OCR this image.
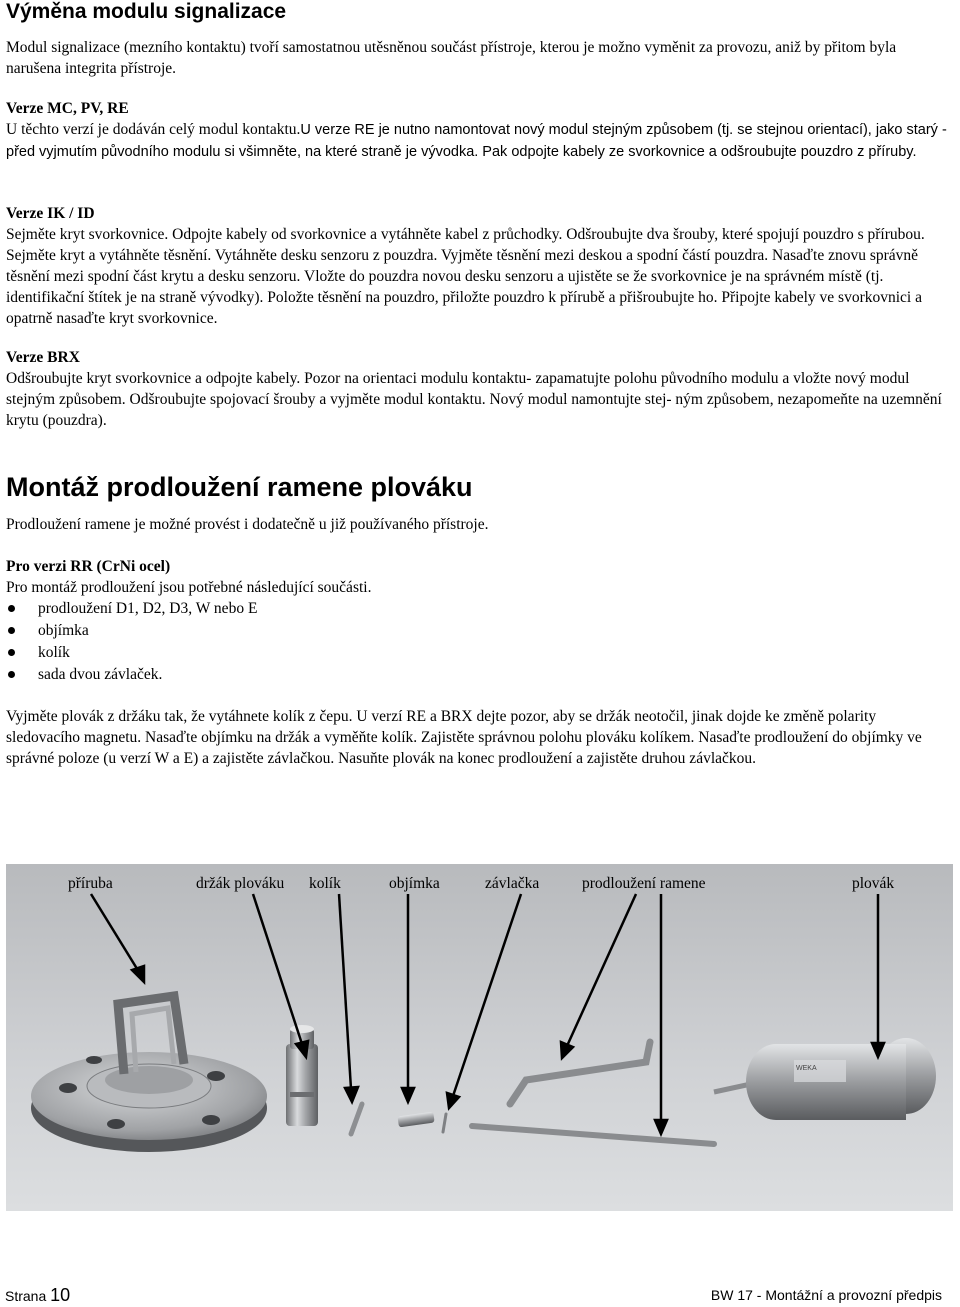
Výměna modulu signalizace

Modul signalizace (mezního kontaktu) tvoří samostatnou utěsněnou součást přístroje, kterou je možno vyměnit za provozu, aniž by přitom byla narušena integrita přístroje.

Verze MC, PV, RE
U těchto verzí je dodáván celý modul kontaktu.U verze RE je nutno namontovat nový modul stejným způsobem (tj. se stejnou orientací), jako starý - před vyjmutím původního modulu si všimněte, na které straně je vývodka. Pak odpojte kabely ze svorkovnice a odšroubujte pouzdro z příruby.

Verze IK / ID
Sejměte kryt svorkovnice. Odpojte kabely od svorkovnice a vytáhněte kabel z průchodky. Odšroubujte dva šrouby, které spojují pouzdro s přírubou. Sejměte kryt a vytáhněte těsnění. Vytáhněte desku senzoru z pouzdra. Vyjměte těsnění mezi deskou a spodní částí pouzdra. Nasaďte znovu správně těsnění mezi spodní část krytu a desku senzoru. Vložte do pouzdra novou desku senzoru a ujistěte se že svorkovnice je na správném místě (tj. identifikační štítek je na straně vývodky). Položte těsnění na pouzdro, přiložte pouzdro k přírubě a přišroubujte ho. Připojte kabely ve svorkovnici a opatrně nasaďte kryt svorkovnice.

Verze BRX
Odšroubujte kryt svorkovnice a odpojte kabely. Pozor na orientaci modulu kontaktu- zapamatujte polohu původního modulu a vložte nový modul stejným způsobem. Odšroubujte spojovací šrouby a vyjměte modul kontaktu. Nový modul namontujte stej- ným způsobem, nezapomeňte na uzemnění krytu (pouzdra).

Montáž prodloužení ramene plováku

Prodloužení ramene je možné provést i dodatečně u již používaného přístroje.

Pro verzi RR (CrNi ocel)
Pro montáž prodloužení jsou potřebné následující součásti.

prodloužení D1, D2, D3, W nebo E
objímka
kolík
sada dvou závlaček.

Vyjměte plovák z držáku tak, že vytáhnete kolík z čepu. U verzí RE a BRX dejte pozor, aby se držák neotočil, jinak dojde ke změně polarity sledovacího magnetu. Nasaďte objímku na držák a vyměňte kolík. Zajistěte správnou polohu plováku kolíkem. Nasaďte prodloužení do objímky ve správné poloze (u verzí W a E) a zajistěte závlačkou. Nasuňte plovák na konec prodloužení a zajistěte druhou závlačkou.

WEKA
příruba	držák plováku kolík	objímka	závlačka	prodloužení ramene	plovák
Strana 10	BW 17 - Montážní a provozní předpis
